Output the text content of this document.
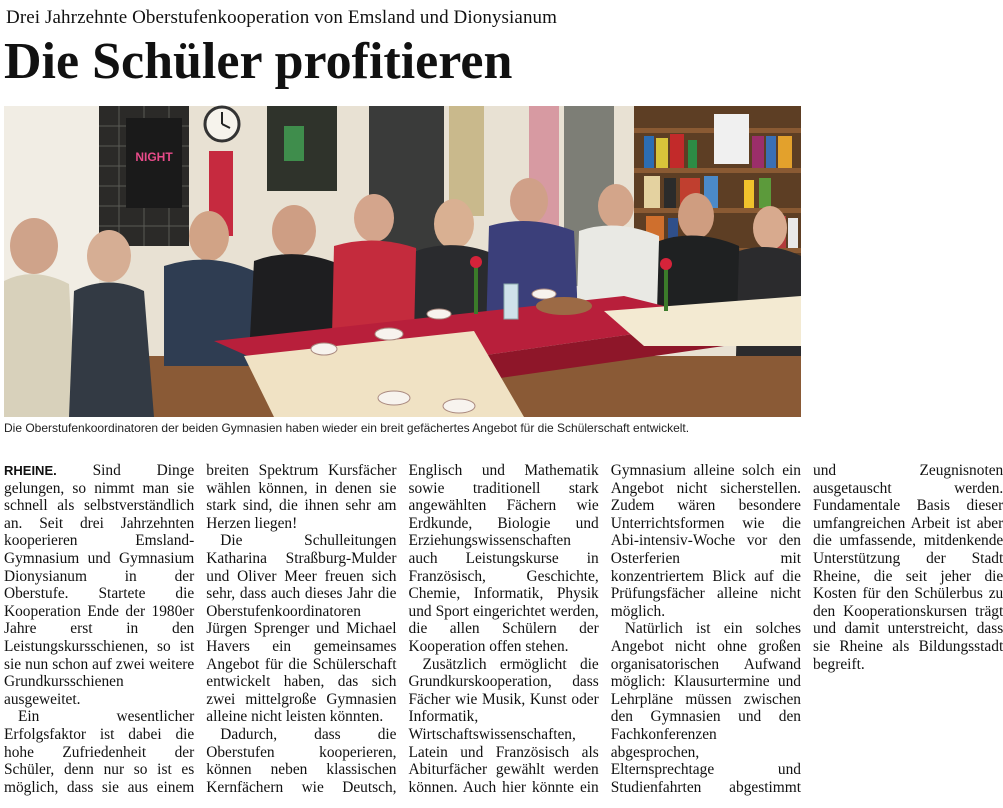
Drei Jahrzehnte Oberstufenkooperation von Emsland und Dionysianum
Die Schüler profitieren
NIGHT
Die Oberstufenkoordinatoren der beiden Gymnasien haben wieder ein breit gefächertes Angebot für die Schülerschaft entwickelt.

RHEINE. Sind Dinge gelungen, so nimmt man sie schnell als selbstverständlich an. Seit drei Jahrzehnten kooperieren Emsland-Gymnasium und Gymnasium Dionysianum in der Oberstufe. Startete die Kooperation Ende der 1980er Jahre erst in den Leistungskursschienen, so ist sie nun schon auf zwei weitere Grundkursschienen ausgeweitet.

Ein wesentlicher Erfolgsfaktor ist dabei die hohe Zufriedenheit der Schüler, denn nur so ist es möglich, dass sie aus einem breiten Spektrum Kursfächer wählen können, in denen sie stark sind, die ihnen sehr am Herzen liegen!

Die Schulleitungen Katharina Straßburg-Mulder und Oliver Meer freuen sich sehr, dass auch dieses Jahr die Oberstufenkoordinatoren Jürgen Sprenger und Michael Havers ein gemeinsames Angebot für die Schülerschaft entwickelt haben, das sich zwei mittelgroße Gymnasien alleine nicht leisten könnten.

Dadurch, dass die Oberstufen kooperieren, können neben klassischen Kernfächern wie Deutsch, Englisch und Mathematik sowie traditionell stark angewählten Fächern wie Erdkunde, Biologie und Erziehungswissenschaften auch Leistungskurse in Französisch, Geschichte, Chemie, Informatik, Physik und Sport eingerichtet werden, die allen Schülern der Kooperation offen stehen.

Zusätzlich ermöglicht die Grundkurskooperation, dass Fächer wie Musik, Kunst oder Informatik, Wirtschaftswissenschaften, Latein und Französisch als Abiturfächer gewählt werden können. Auch hier könnte ein Gymnasium alleine solch ein Angebot nicht sicherstellen. Zudem wären besondere Unterrichtsformen wie die Abi-intensiv-Woche vor den Osterferien mit konzentriertem Blick auf die Prüfungsfächer alleine nicht möglich.

Natürlich ist ein solches Angebot nicht ohne großen organisatorischen Aufwand möglich: Klausurtermine und Lehrpläne müssen zwischen den Gymnasien und den Fachkonferenzen abgesprochen, Elternsprechtage und Studienfahrten abgestimmt und Zeugnisnoten ausgetauscht werden. Fundamentale Basis dieser umfangreichen Arbeit ist aber die umfassende, mitdenkende Unterstützung der Stadt Rheine, die seit jeher die Kosten für den Schülerbus zu den Kooperationskursen trägt und damit unterstreicht, dass sie Rheine als Bildungsstadt begreift.
